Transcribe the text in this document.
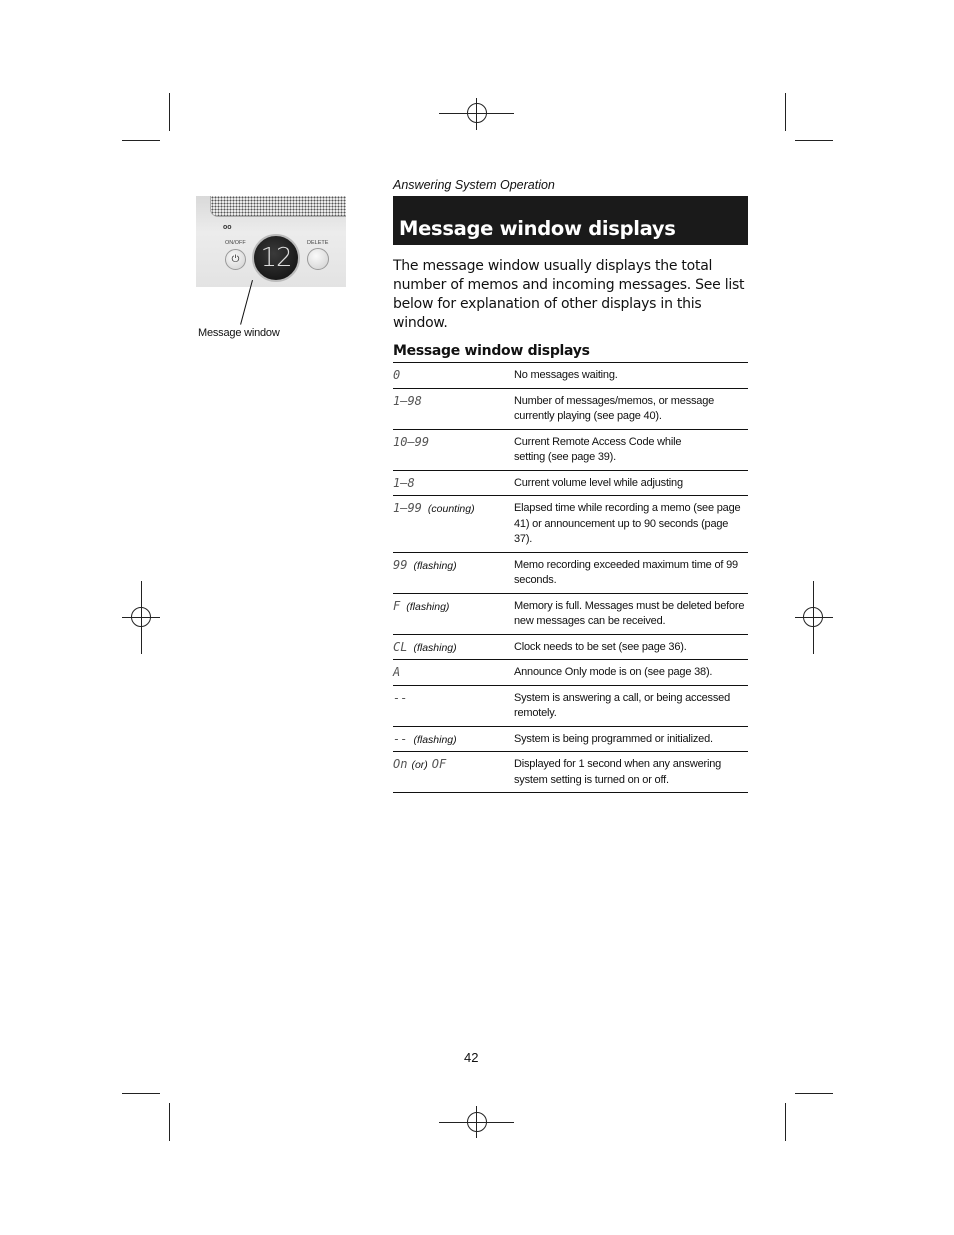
oo
ON/OFF	DELETE
⏻ 12
Message window
Answering System Operation
Message window displays
The message window usually displays the total number of memos and incoming messages. See list below for explanation of other displays in this window.
Message window displays
0	No messages waiting.
1–98	Number of messages/memos, or message currently playing (see page 40).
10–99	Current Remote Access Code while setting (see page 39).
1–8	Current volume level while adjusting
1–99 (counting)	Elapsed time while recording a memo (see page 41) or announcement up to 90 seconds (page 37).
99 (flashing)	Memo recording exceeded maximum time of 99 seconds.
F (flashing)	Memory is full. Messages must be deleted before new messages can be received.
CL (flashing)	Clock needs to be set (see page 36).
A	Announce Only mode is on (see page 38).
--	System is answering a call, or being accessed remotely.
-- (flashing)	System is being programmed or initialized.
On (or) OF	Displayed for 1 second when any answering system setting is turned on or off.
42
